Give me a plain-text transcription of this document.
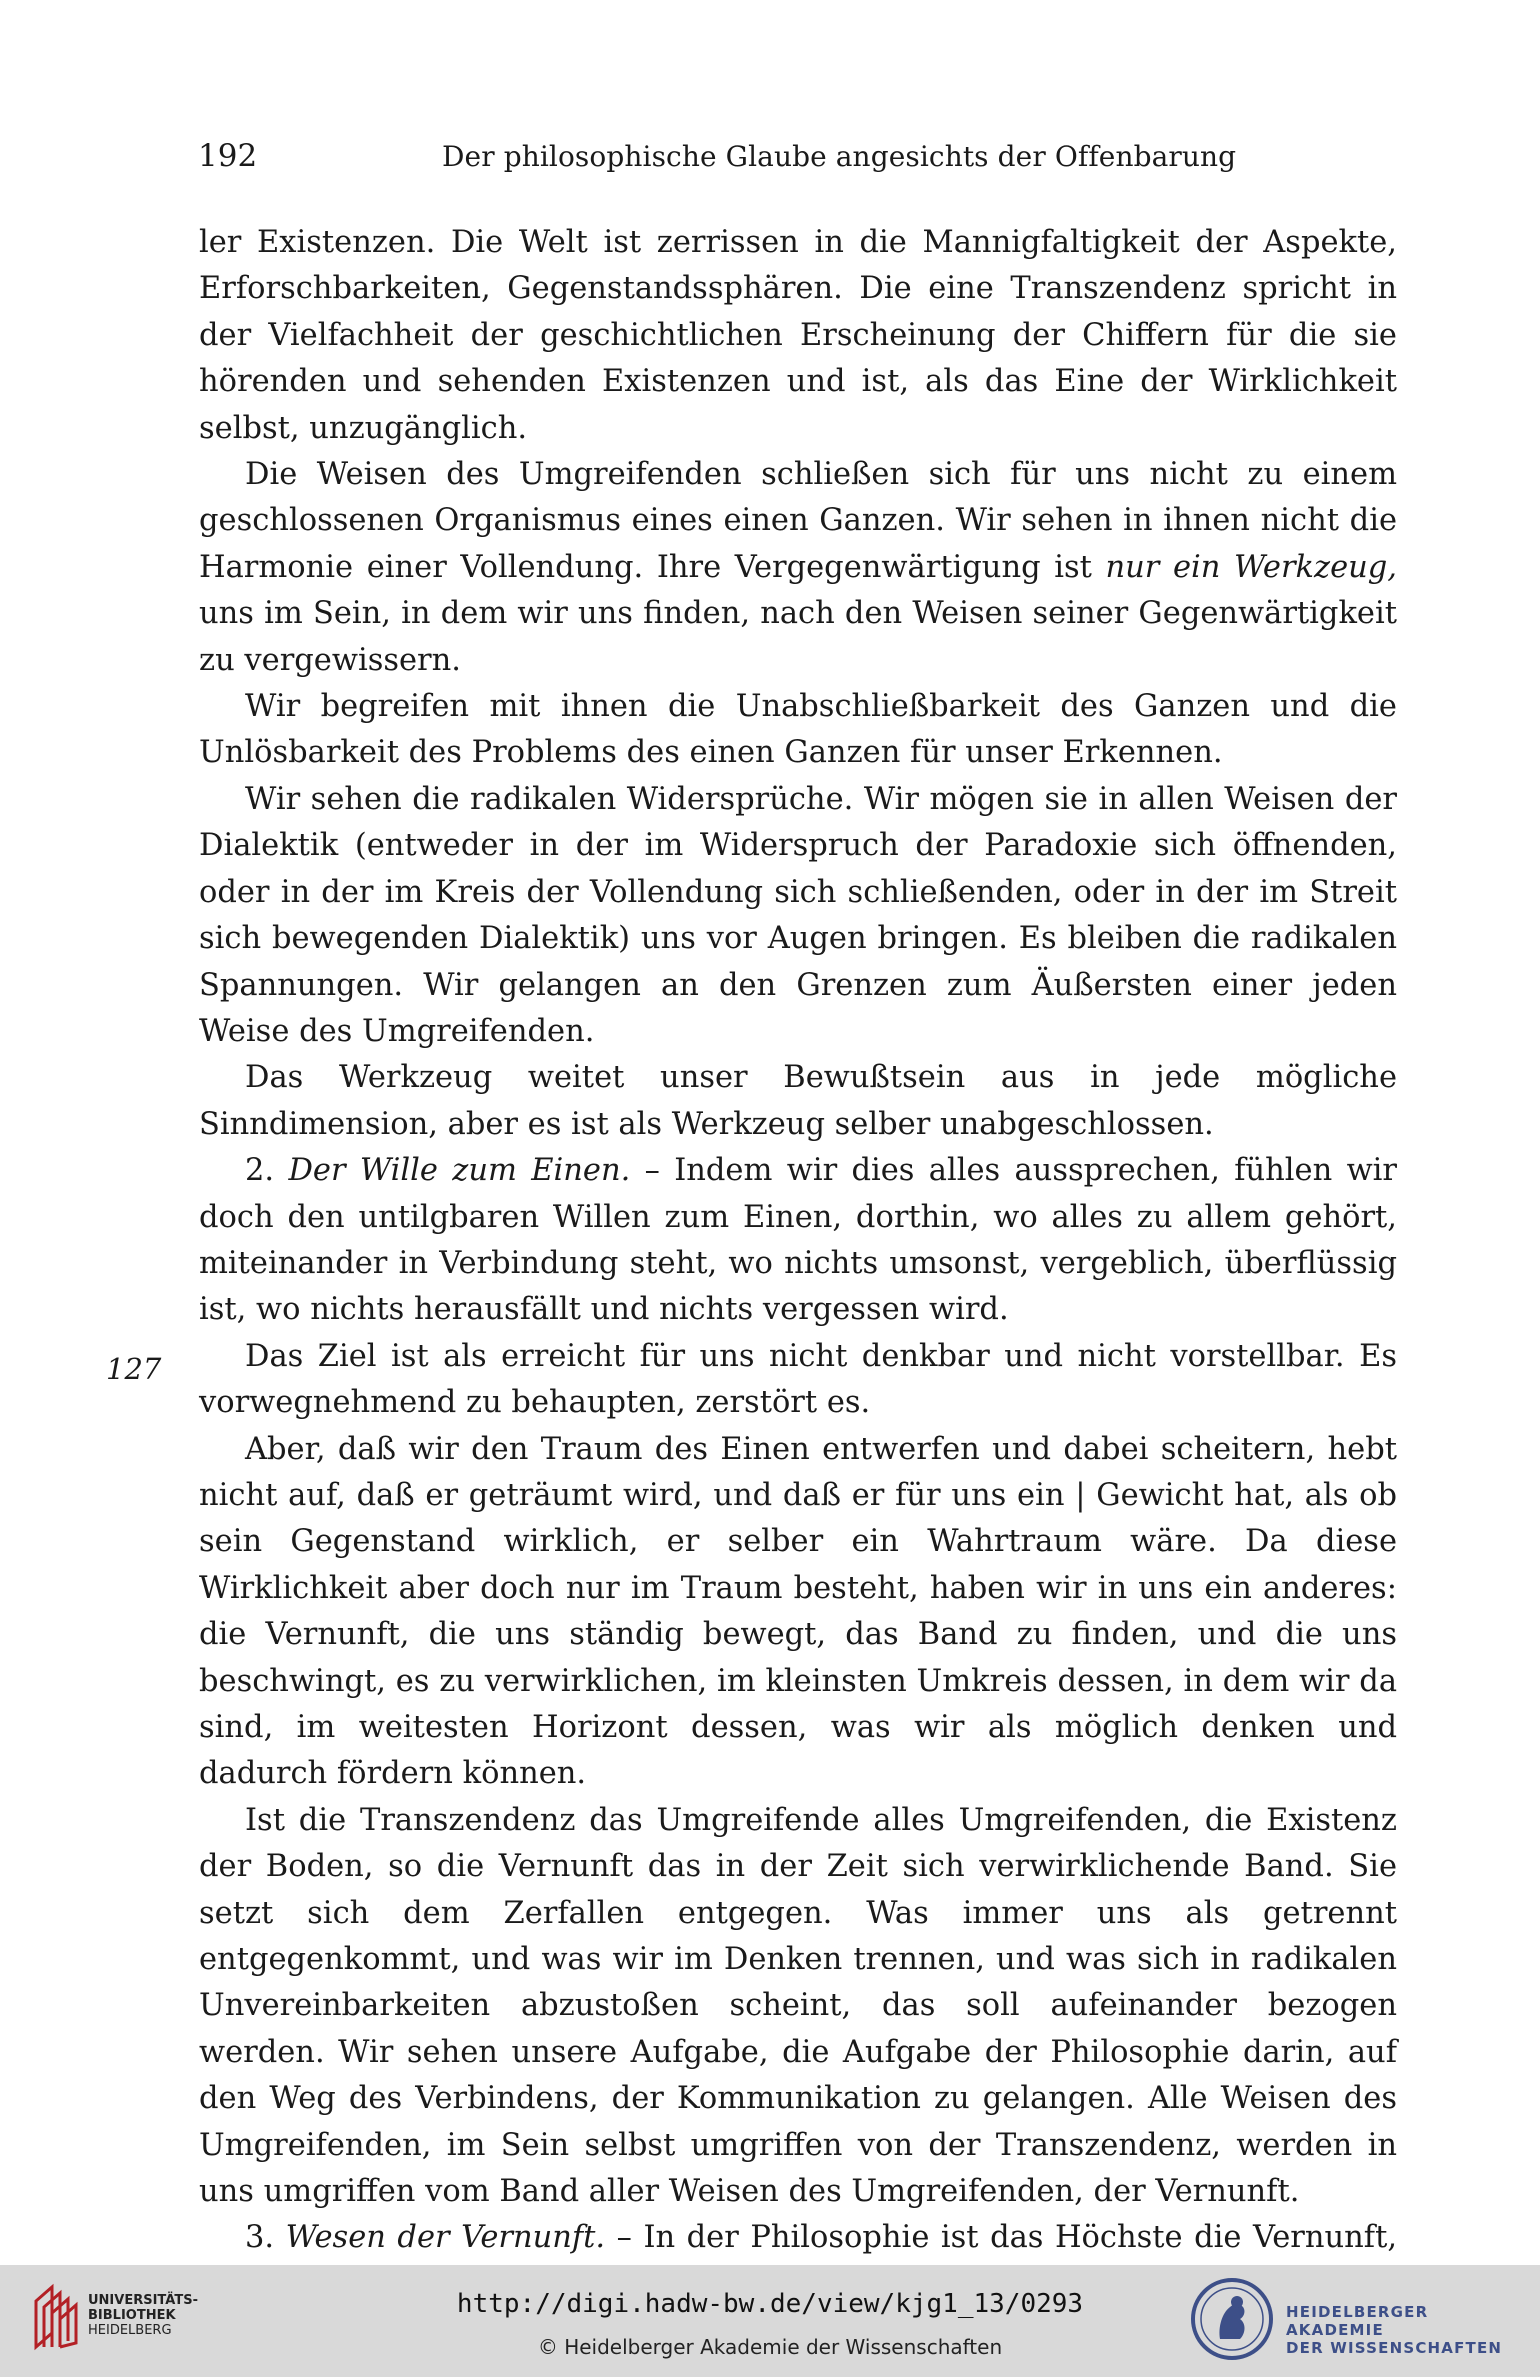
192	Der philosophische Glaube angesichts der Offenbarung
127

ler Existenzen. Die Welt ist zerrissen in die Mannigfaltigkeit der Aspekte, Erforschbarkeiten, Gegenstandssphären. Die eine Transzendenz spricht in der Vielfachheit der geschichtlichen Erscheinung der Chiffern für die sie hörenden und sehenden Existenzen und ist, als das Eine der Wirklichkeit selbst, unzugänglich.

Die Weisen des Umgreifenden schließen sich für uns nicht zu einem geschlossenen Organismus eines einen Ganzen. Wir sehen in ihnen nicht die Harmonie einer Vollendung. Ihre Vergegenwärtigung ist nur ein Werkzeug, uns im Sein, in dem wir uns finden, nach den Weisen seiner Gegenwärtigkeit zu vergewissern.

Wir begreifen mit ihnen die Unabschließbarkeit des Ganzen und die Unlösbarkeit des Problems des einen Ganzen für unser Erkennen.

Wir sehen die radikalen Widersprüche. Wir mögen sie in allen Weisen der Dialektik (entweder in der im Widerspruch der Paradoxie sich öffnenden, oder in der im Kreis der Vollendung sich schließenden, oder in der im Streit sich bewegenden Dialektik) uns vor Augen bringen. Es bleiben die radikalen Spannungen. Wir gelangen an den Grenzen zum Äußersten einer jeden Weise des Umgreifenden.

Das Werkzeug weitet unser Bewußtsein aus in jede mögliche Sinndimension, aber es ist als Werkzeug selber unabgeschlossen.

2. Der Wille zum Einen. – Indem wir dies alles aussprechen, fühlen wir doch den untilgbaren Willen zum Einen, dorthin, wo alles zu allem gehört, miteinander in Verbindung steht, wo nichts umsonst, vergeblich, überflüssig ist, wo nichts herausfällt und nichts vergessen wird.

Das Ziel ist als erreicht für uns nicht denkbar und nicht vorstellbar. Es vorwegnehmend zu behaupten, zerstört es.

Aber, daß wir den Traum des Einen entwerfen und dabei scheitern, hebt nicht auf, daß er geträumt wird, und daß er für uns ein | Gewicht hat, als ob sein Gegenstand wirklich, er selber ein Wahrtraum wäre. Da diese Wirklichkeit aber doch nur im Traum besteht, haben wir in uns ein anderes: die Vernunft, die uns ständig bewegt, das Band zu finden, und die uns beschwingt, es zu verwirklichen, im kleinsten Umkreis dessen, in dem wir da sind, im weitesten Horizont dessen, was wir als möglich denken und dadurch fördern können.

Ist die Transzendenz das Umgreifende alles Umgreifenden, die Existenz der Boden, so die Vernunft das in der Zeit sich verwirklichende Band. Sie setzt sich dem Zerfallen entgegen. Was immer uns als getrennt entgegenkommt, und was wir im Denken trennen, und was sich in radikalen Unvereinbarkeiten abzustoßen scheint, das soll aufeinander bezogen werden. Wir sehen unsere Aufgabe, die Aufgabe der Philosophie darin, auf den Weg des Verbindens, der Kommunikation zu gelangen. Alle Weisen des Umgreifenden, im Sein selbst umgriffen von der Transzendenz, werden in uns umgriffen vom Band aller Weisen des Umgreifenden, der Vernunft.

3. Wesen der Vernunft. – In der Philosophie ist das Höchste die Vernunft,

UNIVERSITÄTS-
BIBLIOTHEK
HEIDELBERG
http://digi.hadw-bw.de/view/kjg1_13/0293
© Heidelberger Akademie der Wissenschaften
HEIDELBERGER AKADEMIE
DER WISSENSCHAFTEN
